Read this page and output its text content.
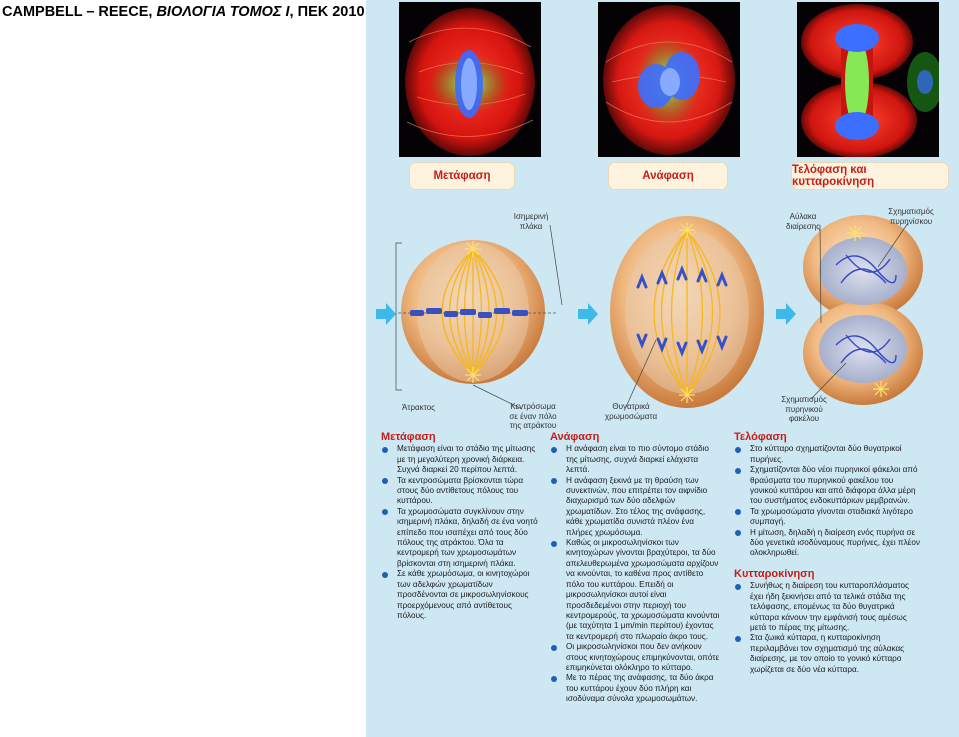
CAMPBELL – REECE, ΒΙΟΛΟΓΙΑ ΤΟΜΟΣ Ι, ΠΕΚ 2010
Μετάφαση	Ανάφαση	Τελόφαση και κυτταροκίνηση
Ισημερινή
πλάκα
Αύλακα
διαίρεσης
Σχηματισμός
πυρηνίσκου
Άτρακτος	Κεντρόσωμα
σε έναν πόλο
της ατράκτου
Θυγατρικά
χρωμοσώματα
Σχηματισμός
πυρηνικού
φακέλου
Μετάφαση
Μετάφαση είναι το στάδιο της μίτωσης με τη μεγαλύτερη χρονική διάρκεια. Συχνά διαρκεί 20 περίπου λεπτά.
Τα κεντροσώματα βρίσκονται τώρα στους δύο αντίθετους πόλους του κυττάρου.
Τα χρωμοσώματα συγκλίνουν στην ισημερινή πλάκα, δηλαδή σε ένα νοητό επίπεδο που ισαπέχει από τους δύο πόλους της ατράκτου. Όλα τα κεντρομερή των χρωμοσωμάτων βρίσκονται στη ισημερινή πλάκα.
Σε κάθε χρωμόσωμα, οι κινητοχώροι των αδελφών χρωματίδων προσδένονται σε μικροσωληνίσκους προερχόμενους από αντίθετους πόλους.
Ανάφαση
Η ανάφαση είναι το πιο σύντομο στάδιο της μίτωσης, συχνά διαρκεί ελάχιστα λεπτά.
Η ανάφαση ξεκινά με τη θραύση των συνεκτινών, που επιτρέπει τον αιφνίδιο διαχωρισμό των δύο αδελφών χρωματίδων. Στο τέλος της ανάφασης, κάθε χρωματίδα συνιστά πλέον ένα πλήρες χρωμόσωμα.
Καθώς οι μικροσωληνίσκοι των κινητοχώρων γίνονται βραχύτεροι, τα δύο απελευθερωμένα χρωμοσώματα αρχίζουν να κινούνται, το καθένα προς αντίθετο πόλο του κυττάρου. Επειδή οι μικροσωληνίσκοι αυτοί είναι προσδεδεμένοι στην περιοχή του κεντρομερούς, τα χρωμοσώματα κινούνται (με ταχύτητα 1 μm/min περίπου) έχοντας τα κεντρομερή στο πλωραίο άκρο τους.
Οι μικροσωληνίσκοι που δεν ανήκουν στους κινητοχώρους επιμηκύνονται, οπότε επιμηκύνεται ολόκληρο το κύτταρο.
Με το πέρας της ανάφασης, τα δύο άκρα του κυττάρου έχουν δύο πλήρη και ισοδύναμα σύνολα χρωμοσωμάτων.
Τελόφαση
Στο κύτταρο σχηματίζονται δύο θυγατρικοί πυρήνες.
Σχηματίζονται δύο νέοι πυρηνικοί φάκελοι από θραύσματα του πυρηνικού φακέλου του γονικού κυττάρου και από διάφορα άλλα μέρη του συστήματος ενδοκυττάριων μεμβρανών.
Τα χρωμοσώματα γίνονται σταδιακά λιγότερο συμπαγή.
Η μίτωση, δηλαδή η διαίρεση ενός πυρήνα σε δύο γενετικά ισοδύναμους πυρήνες, έχει πλέον ολοκληρωθεί.
Κυτταροκίνηση
Συνήθως η διαίρεση του κυτταροπλάσματος έχει ήδη ξεκινήσει από τα τελικά στάδια της τελόφασης, επομένως τα δύο θυγατρικά κύτταρα κάνουν την εμφάνισή τους αμέσως μετά το πέρας της μίτωσης.
Στα ζωικά κύτταρα, η κυτταροκίνηση περιλαμβάνει τον σχηματισμό της αύλακας διαίρεσης, με τον οποίο το γονικό κύτταρο χωρίζεται σε δύο νέα κύτταρα.
